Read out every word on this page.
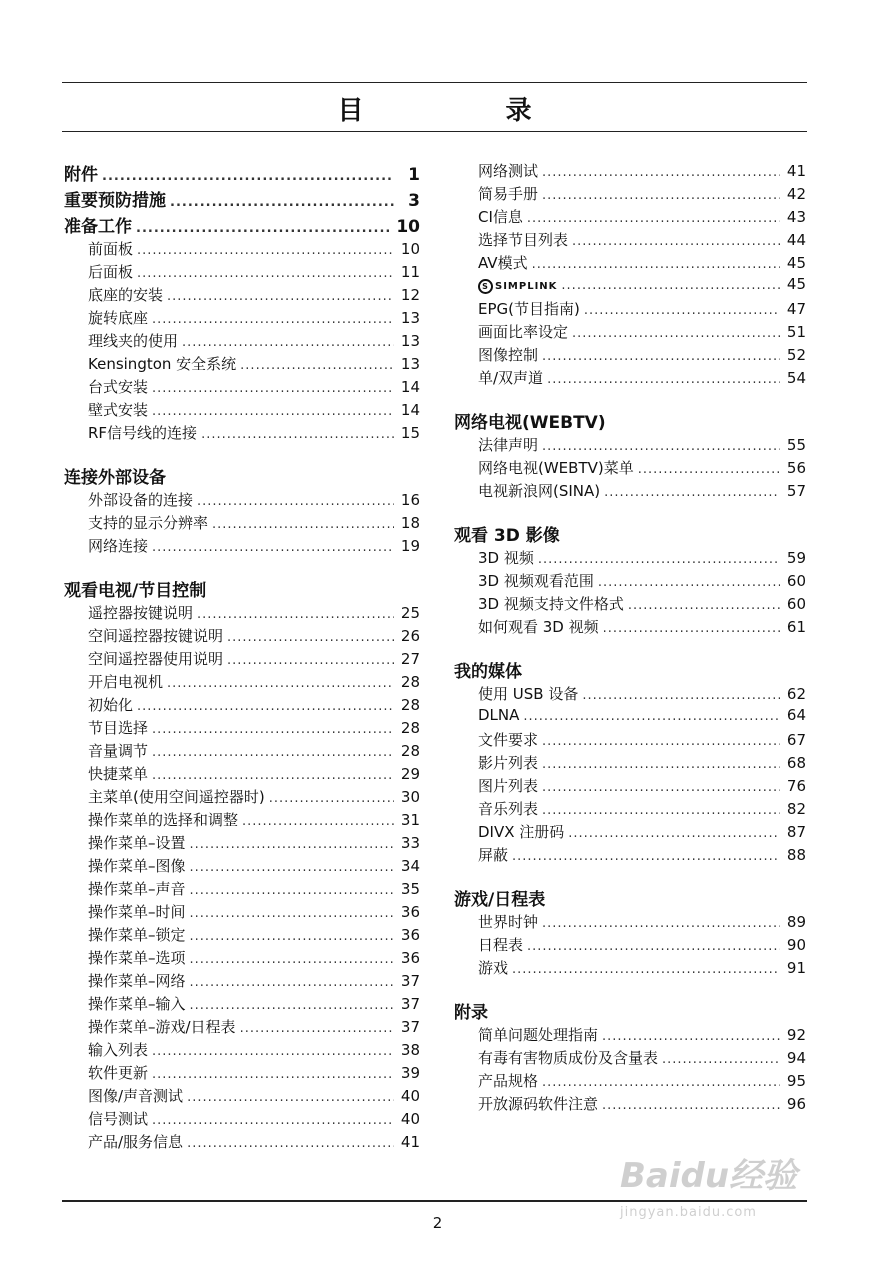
目　录
附件 .....	1
重要预防措施 .....	3
准备工作 .....	10
前面板 .....	10
后面板 .....	11
底座的安装 .....	12
旋转底座 .....	13
理线夹的使用 .....	13
Kensington 安全系统 .....	13
台式安装 .....	14
壁式安装 .....	14
RF信号线的连接 .....	15
连接外部设备
外部设备的连接 .....	16
支持的显示分辨率 .....	18
网络连接 .....	19
观看电视/节目控制
遥控器按键说明 .....	25
空间遥控器按键说明 .....	26
空间遥控器使用说明 .....	27
开启电视机 .....	28
初始化 .....	28
节目选择 .....	28
音量调节 .....	28
快捷菜单 .....	29
主菜单(使用空间遥控器时) .....	30
操作菜单的选择和调整 .....	31
操作菜单–设置 .....	33
操作菜单–图像 .....	34
操作菜单–声音 .....	35
操作菜单–时间 .....	36
操作菜单–锁定 .....	36
操作菜单–选项 .....	36
操作菜单–网络 .....	37
操作菜单–输入 .....	37
操作菜单–游戏/日程表 .....	37
输入列表 .....	38
软件更新 .....	39
图像/声音测试 .....	40
信号测试 .....	40
产品/服务信息 .....	41
网络测试 .....	41
简易手册 .....	42
CI信息 .....	43
选择节目列表 .....	44
AV模式 .....	45
S SIMPLINK .....	45
EPG(节目指南) .....	47
画面比率设定 .....	51
图像控制 .....	52
单/双声道 .....	54
网络电视(WEBTV)
法律声明 .....	55
网络电视(WEBTV)菜单 .....	56
电视新浪网(SINA) .....	57
观看 3D 影像
3D 视频 .....	59
3D 视频观看范围 .....	60
3D 视频支持文件格式 .....	60
如何观看 3D 视频 .....	61
我的媒体
使用 USB 设备 .....	62
DLNA .....	64
文件要求 .....	67
影片列表 .....	68
图片列表 .....	76
音乐列表 .....	82
DIVX 注册码 .....	87
屏蔽 .....	88
游戏/日程表
世界时钟 .....	89
日程表 .....	90
游戏 .....	91
附录
简单问题处理指南 .....	92
有毒有害物质成份及含量表 .....	94
产品规格 .....	95
开放源码软件注意 .....	96
2
Baidu经验
jingyan.baidu.com
